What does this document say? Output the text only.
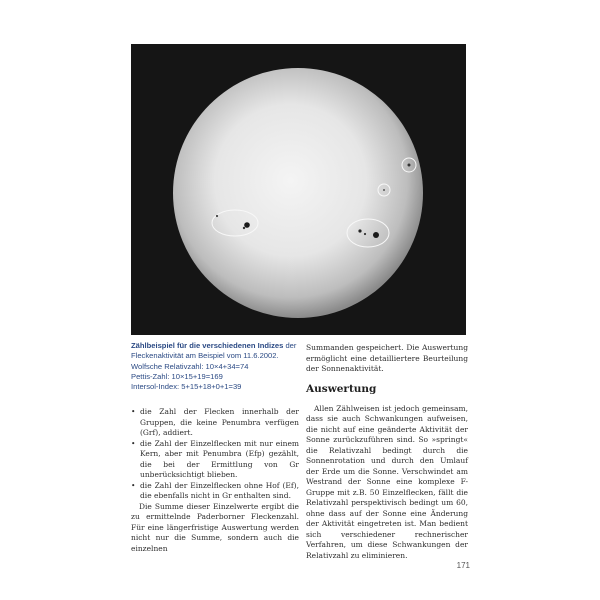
Zählbeispiel für die verschiedenen Indizes der
Fleckenaktivität am Beispiel vom 11.6.2002.
Wolfsche Relativzahl: 10×4+34=74
Pettis-Zahl: 10×15+19=169
Intersol-Index: 5+15+18+0+1=39
• die Zahl der Flecken innerhalb der Gruppen, die keine Penumbra verfügen (Grf), addiert.
• die Zahl der Einzelflecken mit nur einem Kern, aber mit Penumbra (Efp) gezählt, die bei der Ermittlung von Gr unberücksichtigt blieben.
• die Zahl der Einzelflecken ohne Hof (Ef), die ebenfalls nicht in Gr enthalten sind.

Die Summe dieser Einzelwerte ergibt die zu ermittelnde Paderborner Fleckenzahl. Für eine längerfristige Auswertung werden nicht nur die Summe, sondern auch die einzelnen

Summanden gespeichert. Die Auswertung ermöglicht eine detailliertere Beurteilung der Sonnenaktivität.

Auswertung

Allen Zählweisen ist jedoch gemeinsam, dass sie auch Schwankungen aufweisen, die nicht auf eine geänderte Aktivität der Sonne zurückzuführen sind. So »springt« die Relativzahl bedingt durch die Sonnenrotation und durch den Umlauf der Erde um die Sonne. Verschwindet am Westrand der Sonne eine komplexe F-Gruppe mit z.B. 50 Einzelflecken, fällt die Relativzahl perspektivisch bedingt um 60, ohne dass auf der Sonne eine Änderung der Aktivität eingetreten ist. Man bedient sich verschiedener rechnerischer Verfahren, um diese Schwankungen der Relativzahl zu eliminieren.

171
